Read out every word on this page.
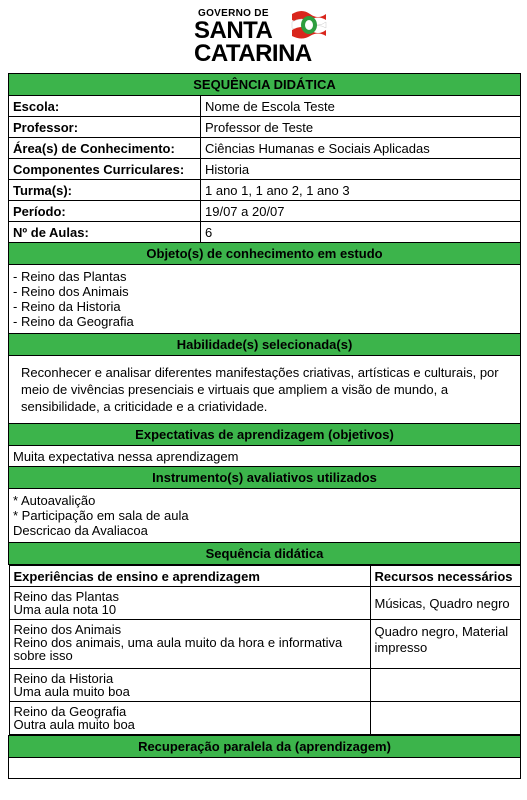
GOVERNO DE
SANTA
CATARINA
SEQUÊNCIA DIDÁTICA
Escola:	Nome de Escola Teste
Professor:	Professor de Teste
Área(s) de Conhecimento:	Ciências Humanas e Sociais Aplicadas
Componentes Curriculares:	Historia
Turma(s):	1 ano 1, 1 ano 2, 1 ano 3
Período:	19/07 a 20/07
Nº de Aulas:	6
Objeto(s) de conhecimento em estudo

- Reino das Plantas
- Reino dos Animais
- Reino da Historia
- Reino da Geografia

Habilidade(s) selecionada(s)
Reconhecer e analisar diferentes manifestações criativas, artísticas e culturais, por meio de vivências presenciais e virtuais que ampliem a visão de mundo, a sensibilidade, a criticidade e a criatividade.
Expectativas de aprendizagem (objetivos)
Muita expectativa nessa aprendizagem
Instrumento(s) avaliativos utilizados

* Autoavalição
* Participação em sala de aula
Descricao da Avaliacoa

Sequência didática

Experiências de ensino e aprendizagem	Recursos necessários

Reino das Plantas
Uma aula nota 10	Músicas, Quadro negro

Reino dos Animais
Reino dos animais, uma aula muito da hora e informativa sobre isso
	Quadro negro, Material impresso

Reino da Historia
Uma aula muito boa

Reino da Geografia
Outra aula muito boa

Recuperação paralela da (aprendizagem)
